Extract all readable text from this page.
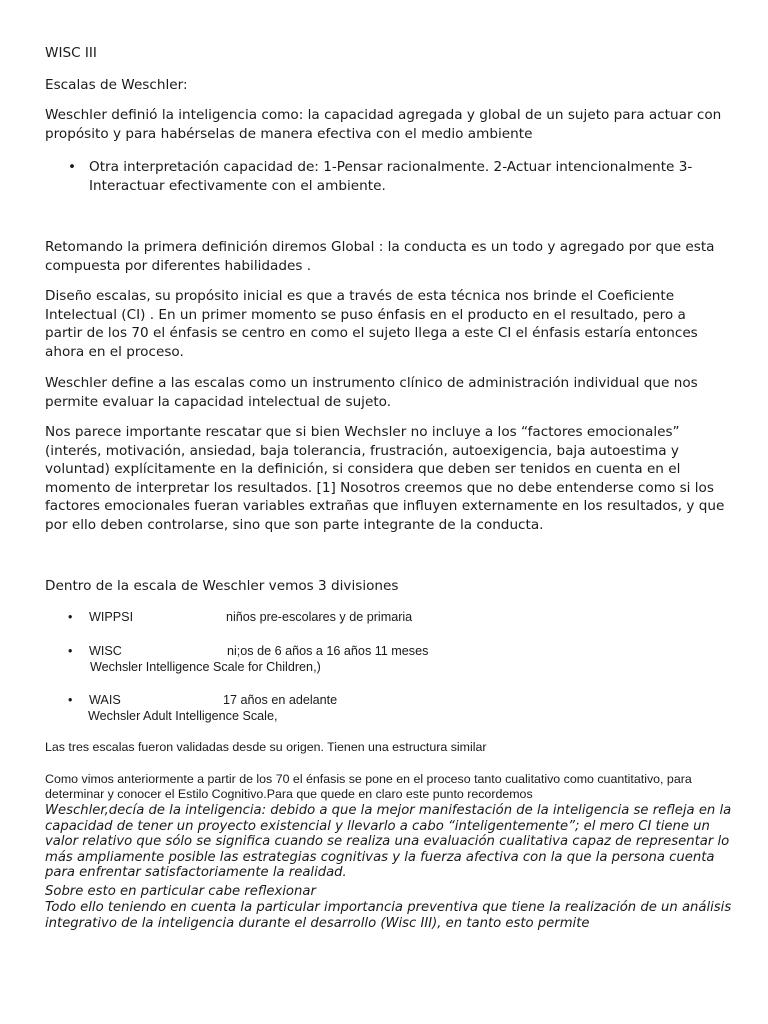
WISC III

Escalas de Weschler:

Weschler definió la inteligencia como: la capacidad agregada y global de un sujeto para actuar con propósito y para habérselas de manera efectiva con el medio ambiente

• Otra interpretación capacidad de: 1-Pensar racionalmente. 2-Actuar intencionalmente 3-Interactuar efectivamente con el ambiente.

Retomando la primera definición diremos Global : la conducta es un todo y agregado por que esta compuesta por diferentes habilidades .

Diseño escalas, su propósito inicial es que a través de esta técnica nos brinde el Coeficiente Intelectual (CI) . En un primer momento se puso énfasis en el producto en el resultado, pero a partir de los 70 el énfasis se centro en como el sujeto llega a este CI el énfasis estaría entonces ahora en el proceso.

Weschler define a las escalas como un instrumento clínico de administración individual que nos permite evaluar la capacidad intelectual de sujeto.

Nos parece importante rescatar que si bien Wechsler no incluye a los “factores emocionales” (interés, motivación, ansiedad, baja tolerancia, frustración, autoexigencia, baja autoestima y voluntad) explícitamente en la definición, si considera que deben ser tenidos en cuenta en el momento de interpretar los resultados. [1] Nosotros creemos que no debe entenderse como si los factores emocionales fueran variables extrañas que influyen externamente en los resultados, y que por ello deben controlarse, sino que son parte integrante de la conducta.

Dentro de la escala de Weschler vemos 3 divisiones

• WIPPSI	niños pre-escolares y de primaria
• WISC	ni;os de 6 años a 16 años 11 meses
Wechsler Intelligence Scale for Children,)
• WAIS	17 años en adelante
Wechsler Adult Intelligence Scale,

Las tres escalas fueron validadas desde su origen. Tienen una estructura similar

Como vimos anteriormente a partir de los 70 el énfasis se pone en el proceso tanto cualitativo como cuantitativo, para determinar y conocer el Estilo Cognitivo.Para que quede en claro este punto recordemos

Weschler,decía de la inteligencia: debido a que la mejor manifestación de la inteligencia se refleja en la capacidad de tener un proyecto existencial y llevarlo a cabo “inteligentemente”; el mero CI tiene un valor relativo que sólo se significa cuando se realiza una evaluación cualitativa capaz de representar lo más ampliamente posible las estrategias cognitivas y la fuerza afectiva con la que la persona cuenta para enfrentar satisfactoriamente la realidad.

Sobre esto en particular cabe reflexionar

Todo ello teniendo en cuenta la particular importancia preventiva que tiene la realización de un análisis integrativo de la inteligencia durante el desarrollo (Wisc III), en tanto esto permite
